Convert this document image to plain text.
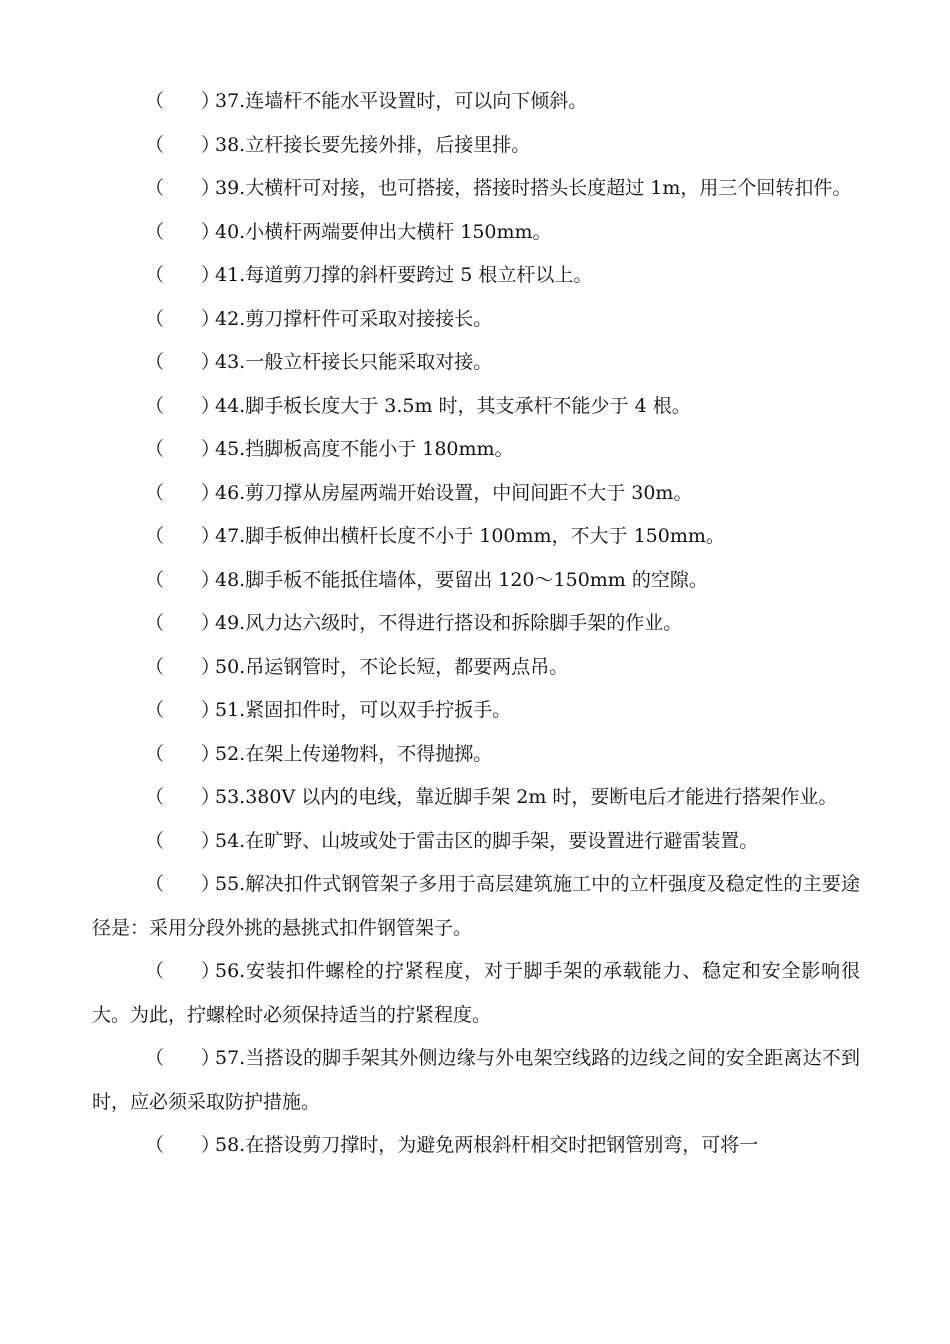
（ ）37.连墙杆不能水平设置时，可以向下倾斜。

（ ）38.立杆接长要先接外排，后接里排。

（ ）39.大横杆可对接，也可搭接，搭接时搭头长度超过 1m，用三个回转扣件。

（ ）40.小横杆两端要伸出大横杆 150mm。

（ ）41.每道剪刀撑的斜杆要跨过 5 根立杆以上。

（ ）42.剪刀撑杆件可采取对接接长。

（ ）43.一般立杆接长只能采取对接。

（ ）44.脚手板长度大于 3.5m 时，其支承杆不能少于 4 根。

（ ）45.挡脚板高度不能小于 180mm。

（ ）46.剪刀撑从房屋两端开始设置，中间间距不大于 30m。

（ ）47.脚手板伸出横杆长度不小于 100mm，不大于 150mm。

（ ）48.脚手板不能抵住墙体，要留出 120～150mm 的空隙。

（ ）49.风力达六级时，不得进行搭设和拆除脚手架的作业。

（ ）50.吊运钢管时，不论长短，都要两点吊。

（ ）51.紧固扣件时，可以双手拧扳手。

（ ）52.在架上传递物料，不得抛掷。

（ ）53.380V 以内的电线，靠近脚手架 2m 时，要断电后才能进行搭架作业。

（ ）54.在旷野、山坡或处于雷击区的脚手架，要设置进行避雷装置。

（ ）55.解决扣件式钢管架子多用于高层建筑施工中的立杆强度及稳定性的主要途径是：采用分段外挑的悬挑式扣件钢管架子。

（ ）56.安装扣件螺栓的拧紧程度，对于脚手架的承载能力、稳定和安全影响很大。为此，拧螺栓时必须保持适当的拧紧程度。

（ ）57.当搭设的脚手架其外侧边缘与外电架空线路的边线之间的安全距离达不到时，应必须采取防护措施。

（ ）58.在搭设剪刀撑时，为避免两根斜杆相交时把钢管别弯，可将一
